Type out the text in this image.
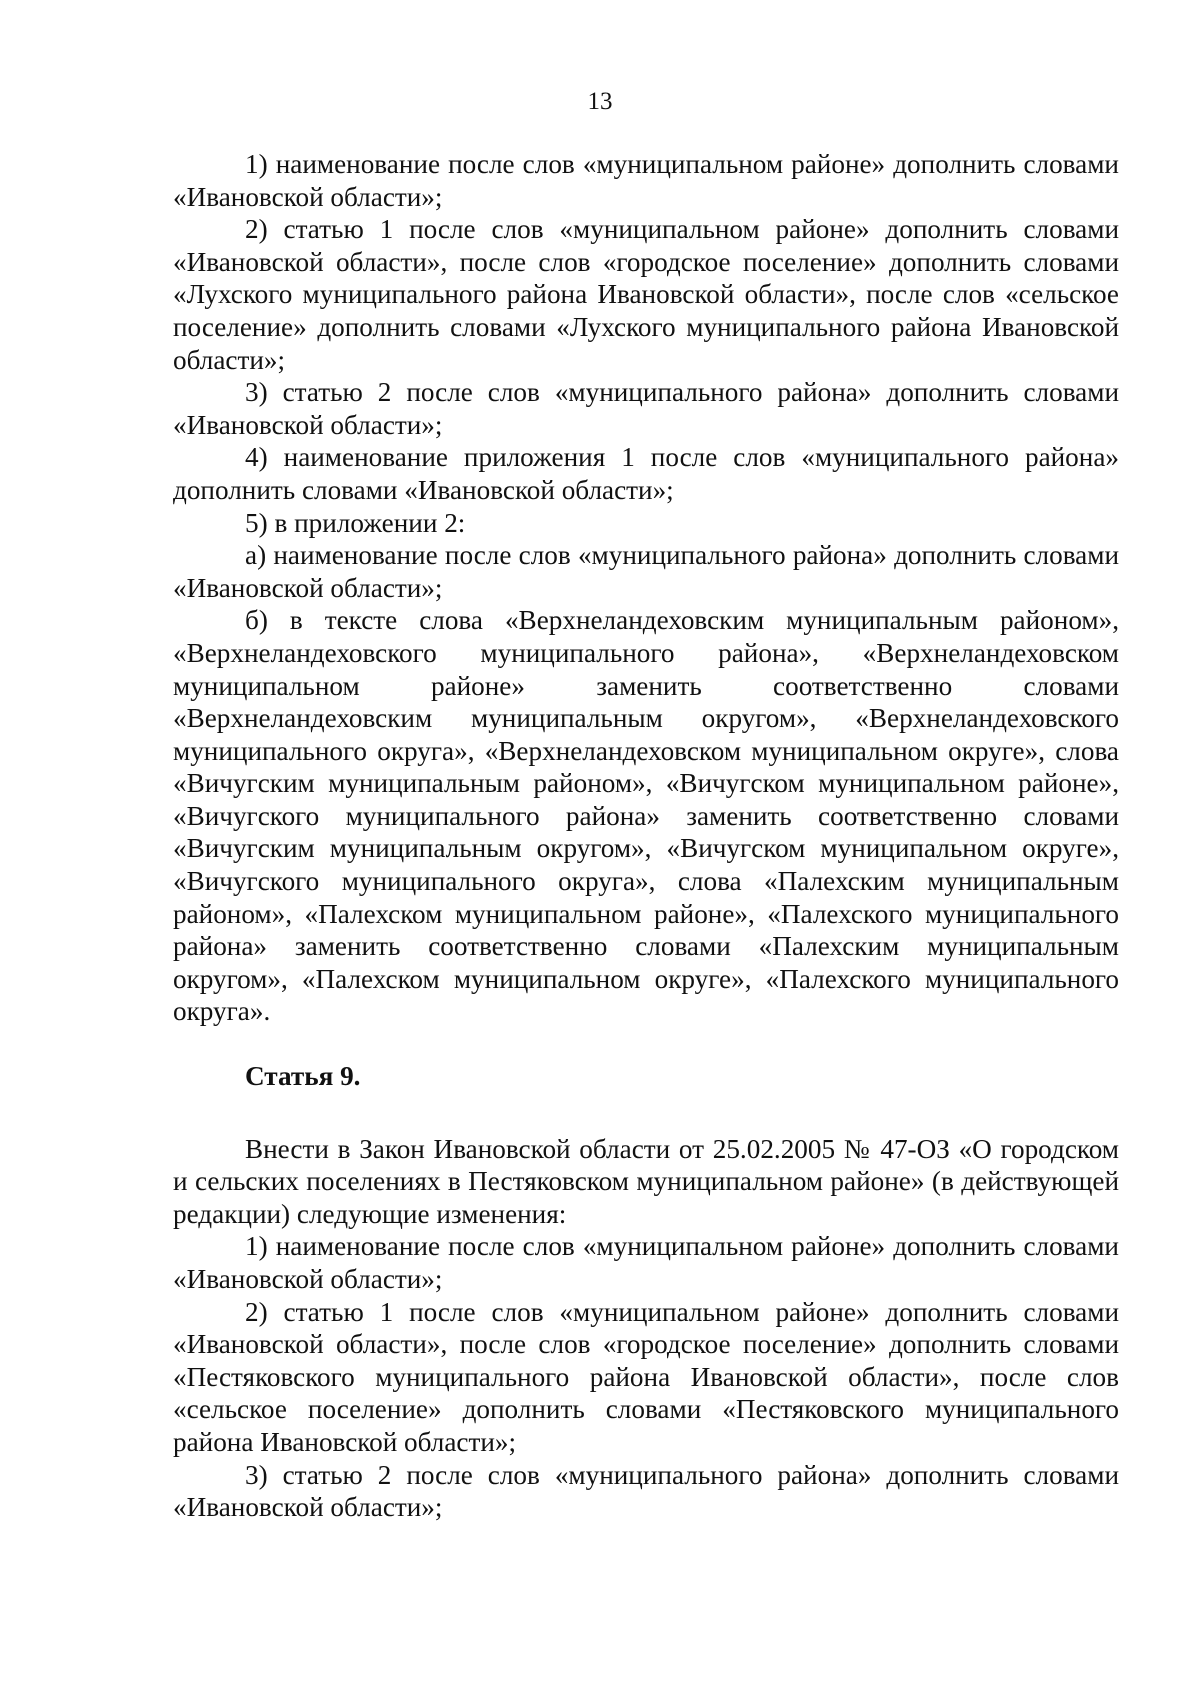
13

1) наименование после слов «муниципальном районе» дополнить словами «Ивановской области»;

2) статью 1 после слов «муниципальном районе» дополнить словами «Ивановской области», после слов «городское поселение» дополнить словами «Лухского муниципального района Ивановской области», после слов «сельское поселение» дополнить словами «Лухского муниципального района Ивановской области»;

3) статью 2 после слов «муниципального района» дополнить словами «Ивановской области»;

4) наименование приложения 1 после слов «муниципального района» дополнить словами «Ивановской области»;

5) в приложении 2:

а) наименование после слов «муниципального района» дополнить словами «Ивановской области»;

б) в тексте слова «Верхнеландеховским муниципальным районом», «Верхнеландеховского муниципального района», «Верхнеландеховском муниципальном районе» заменить соответственно словами «Верхнеландеховским муниципальным округом», «Верхнеландеховского муниципального округа», «Верхнеландеховском муниципальном округе», слова «Вичугским муниципальным районом», «Вичугском муниципальном районе», «Вичугского муниципального района» заменить соответственно словами «Вичугским муниципальным округом», «Вичугском муниципальном округе», «Вичугского муниципального округа», слова «Палехским муниципальным районом», «Палехском муниципальном районе», «Палехского муниципального района» заменить соответственно словами «Палехским муниципальным округом», «Палехском муниципальном округе», «Палехского муниципального округа».

Статья 9.

Внести в Закон Ивановской области от 25.02.2005 № 47-ОЗ «О городском и сельских поселениях в Пестяковском муниципальном районе» (в действующей редакции) следующие изменения:

1) наименование после слов «муниципальном районе» дополнить словами «Ивановской области»;

2) статью 1 после слов «муниципальном районе» дополнить словами «Ивановской области», после слов «городское поселение» дополнить словами «Пестяковского муниципального района Ивановской области», после слов «сельское поселение» дополнить словами «Пестяковского муниципального района Ивановской области»;

3) статью 2 после слов «муниципального района» дополнить словами «Ивановской области»;
